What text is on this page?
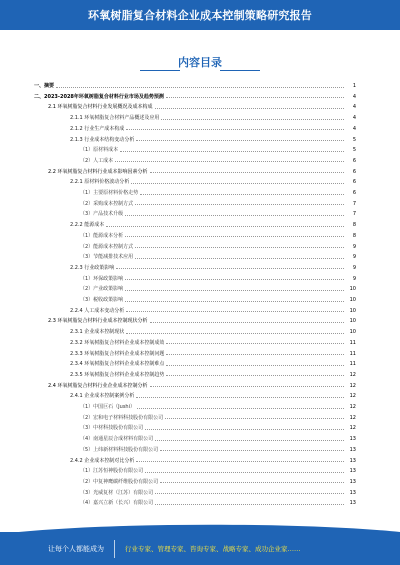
环氧树脂复合材料企业成本控制策略研究报告
内容目录
一、摘要	1
二、2023-2028年环氧树脂复合材料行业市场及趋势预测	4
2.1 环氧树脂复合材料行业发展概况及成本构成	4
2.1.1 环氧树脂复合材料产品概述及应用	4
2.1.2 行业生产成本构成	4
2.1.3 行业成本结构变动分析	5
（1）原材料成本	5
（2）人工成本	6
2.2 环氧树脂复合材料行业成本影响因素分析	6
2.2.1 原材料价格波动分析	6
（1）主要原材料价格走势	6
（2）采购成本控制方式	7
（3）产品技术升级	7
2.2.2 能源成本	8
（1）能源成本分析	8
（2）能源成本控制方式	9
（3）节能减排技术应用	9
2.2.3 行业政策影响	9
（1）环保政策影响	9
（2）产业政策影响	10
（3）税收政策影响	10
2.2.4 人工成本变动分析	10
2.3 环氧树脂复合材料行业成本控制现状分析	10
2.3.1 企业成本控制现状	10
2.3.2 环氧树脂复合材料企业成本控制成效	11
2.3.3 环氧树脂复合材料企业成本控制问题	11
2.3.4 环氧树脂复合材料企业成本控制难点	11
2.3.5 环氧树脂复合材料企业成本控制趋势	12
2.4 环氧树脂复合材料行业企业成本控制分析	12
2.4.1 企业成本控制案例分析	12
（1）中国巨石（Jushi）	12
（2）宏和电子材料科技股份有限公司	12
（3）中材科技股份有限公司	12
（4）南通星辰合成材料有限公司	13
（5）上纬新材料科技股份有限公司	13
2.4.2 企业成本控制对比分析	13
（1）江苏恒神股份有限公司	13
（2）中复神鹰碳纤维股份有限公司	13
（3）光威复材（江苏）有限公司	13
（4）嘉兴立新（长兴）有限公司	13
让每个人都能成为	行业专家、管理专家、咨询专家、战略专家、成功企业家……
